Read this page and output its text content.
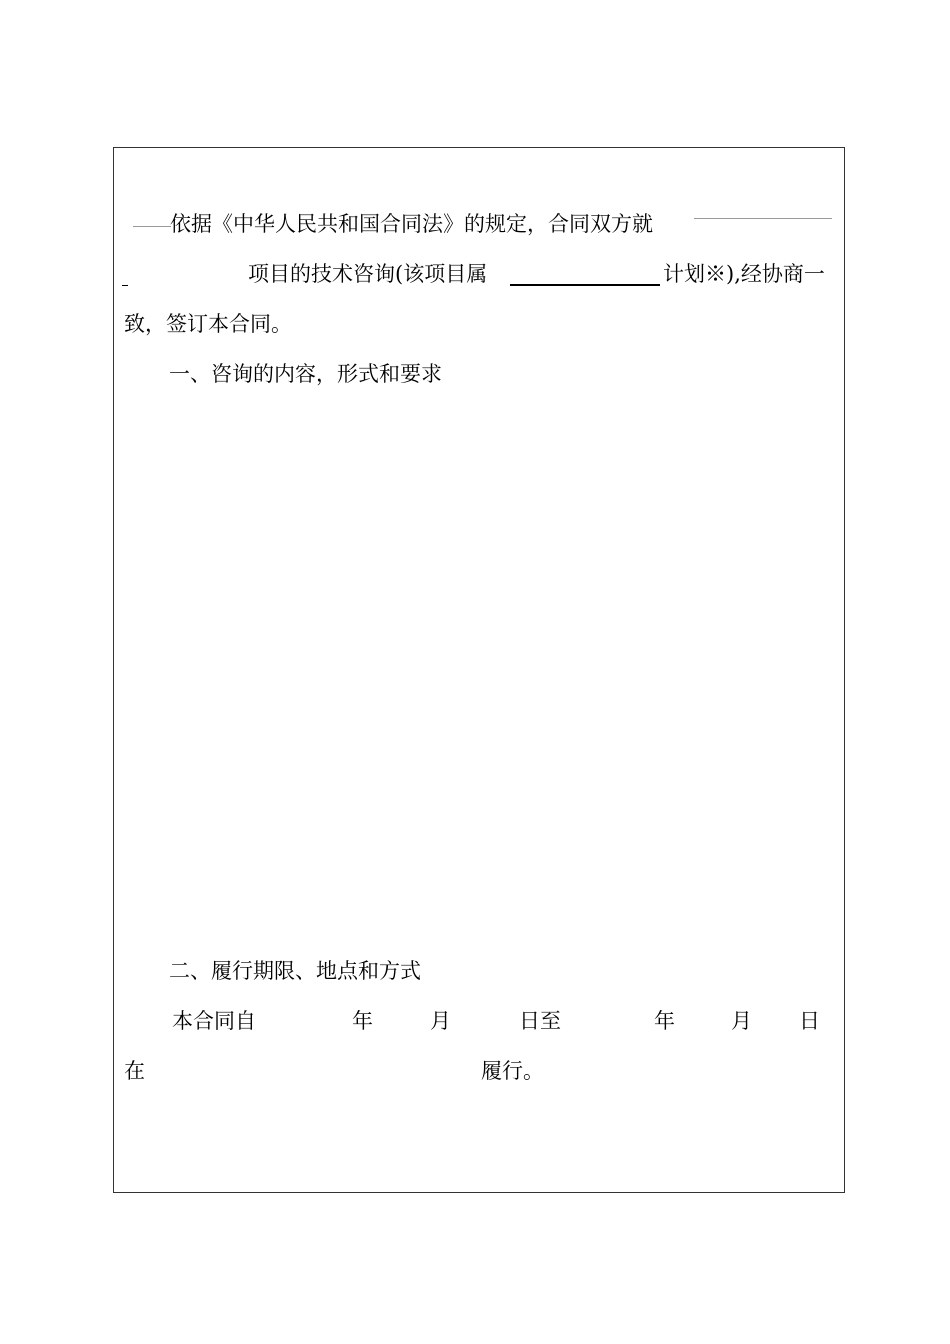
依据《中华人民共和国合同法》的规定，合同双方就
项目的技术咨询(该项目属	计划※),经协商一
致，签订本合同。
一、咨询的内容，形式和要求
二、履行期限、地点和方式
本合同自	年	月	日至	年	月 日
在	履行。
